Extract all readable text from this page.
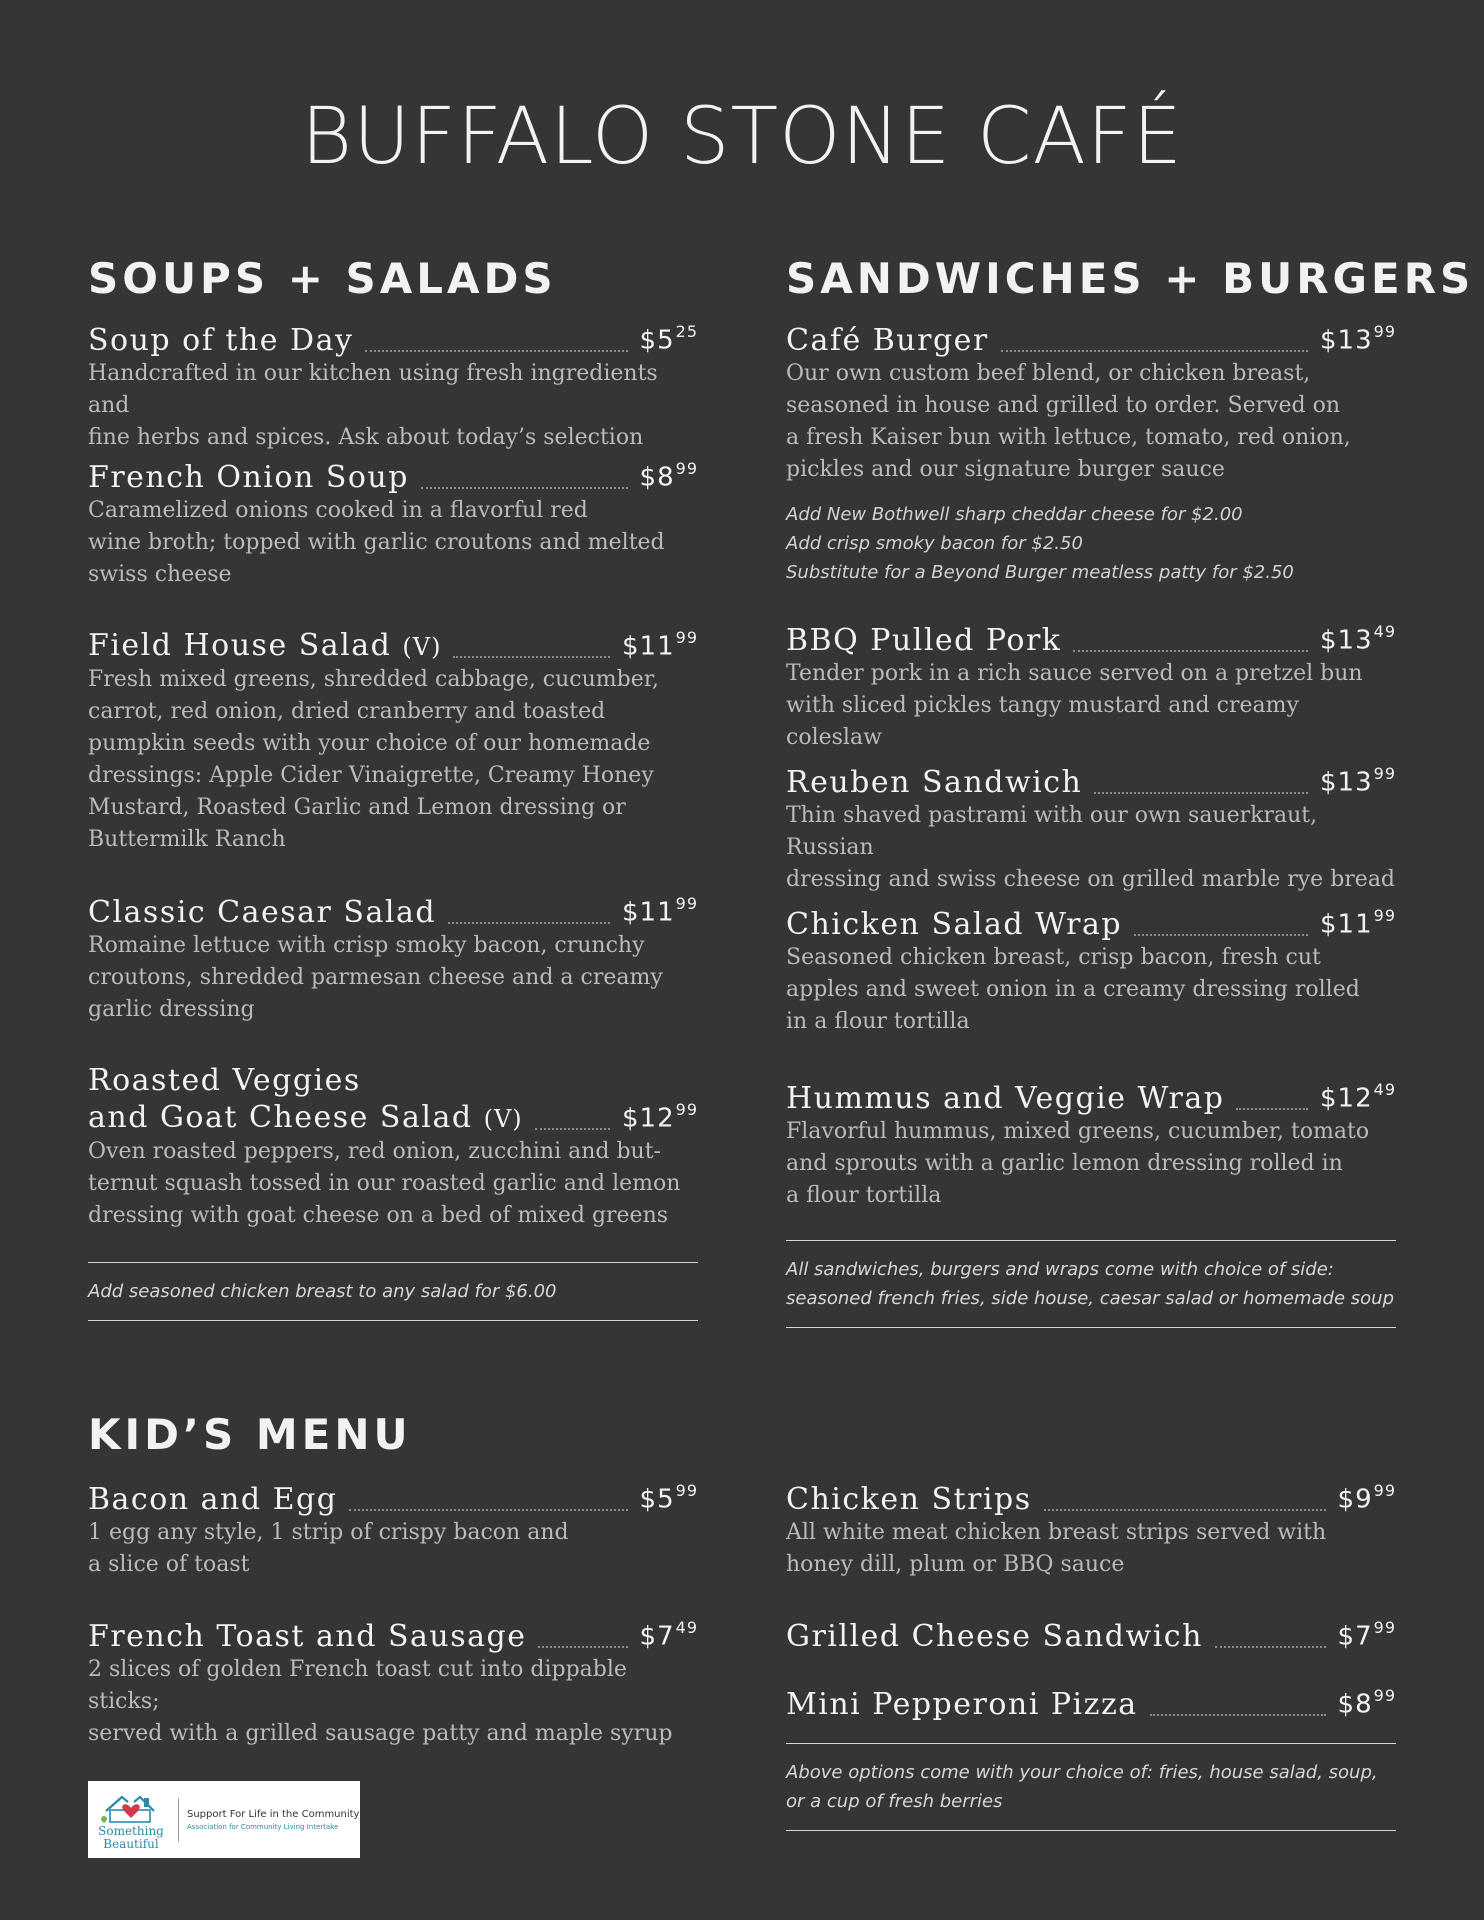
BUFFALO STONE CAFÉ
SOUPS + SALADS
Soup of the Day	$\$5^{25}$
Handcrafted in our kitchen using fresh ingredients and
fine herbs and spices. Ask about today’s selection
French Onion Soup	$\$8^{99}$
Caramelized onions cooked in a flavorful red
wine broth; topped with garlic croutons and melted
swiss cheese
Field House Salad (V)	$\$11^{99}$
Fresh mixed greens, shredded cabbage, cucumber,
carrot, red onion, dried cranberry and toasted
pumpkin seeds with your choice of our homemade
dressings: Apple Cider Vinaigrette, Creamy Honey
Mustard, Roasted Garlic and Lemon dressing or
Buttermilk Ranch
Classic Caesar Salad	$\$11^{99}$
Romaine lettuce with crisp smoky bacon, crunchy
croutons, shredded parmesan cheese and a creamy
garlic dressing
Roasted Veggies
and Goat Cheese Salad (V)	$\$12^{99}$
Oven roasted peppers, red onion, zucchini and but-
ternut squash tossed in our roasted garlic and lemon
dressing with goat cheese on a bed of mixed greens
Add seasoned chicken breast to any salad for $6.00
SANDWICHES + BURGERS
Café Burger	$\$13^{99}$
Our own custom beef blend, or chicken breast,
seasoned in house and grilled to order. Served on
a fresh Kaiser bun with lettuce, tomato, red onion,
pickles and our signature burger sauce
Add New Bothwell sharp cheddar cheese for $2.00
Add crisp smoky bacon for $2.50
Substitute for a Beyond Burger meatless patty for $2.50
BBQ Pulled Pork	$\$13^{49}$
Tender pork in a rich sauce served on a pretzel bun
with sliced pickles tangy mustard and creamy coleslaw
Reuben Sandwich	$\$13^{99}$
Thin shaved pastrami with our own sauerkraut, Russian
dressing and swiss cheese on grilled marble rye bread
Chicken Salad Wrap	$\$11^{99}$
Seasoned chicken breast, crisp bacon, fresh cut
apples and sweet onion in a creamy dressing rolled
in a flour tortilla
Hummus and Veggie Wrap	$\$12^{49}$
Flavorful hummus, mixed greens, cucumber, tomato
and sprouts with a garlic lemon dressing rolled in
a flour tortilla
All sandwiches, burgers and wraps come with choice of side:
seasoned french fries, side house, caesar salad or homemade soup
KID’S MENU
Bacon and Egg	$\$5^{99}$
1 egg any style, 1 strip of crispy bacon and
a slice of toast
French Toast and Sausage	$\$7^{49}$
2 slices of golden French toast cut into dippable sticks;
served with a grilled sausage patty and maple syrup
Chicken Strips	$\$9^{99}$
All white meat chicken breast strips served with
honey dill, plum or BBQ sauce
Grilled Cheese Sandwich	$\$7^{99}$
Mini Pepperoni Pizza	$\$8^{99}$
Above options come with your choice of: fries, house salad, soup,
or a cup of fresh berries
Something Beautiful
Support For Life in the Community
Association for Community Living Intertake
